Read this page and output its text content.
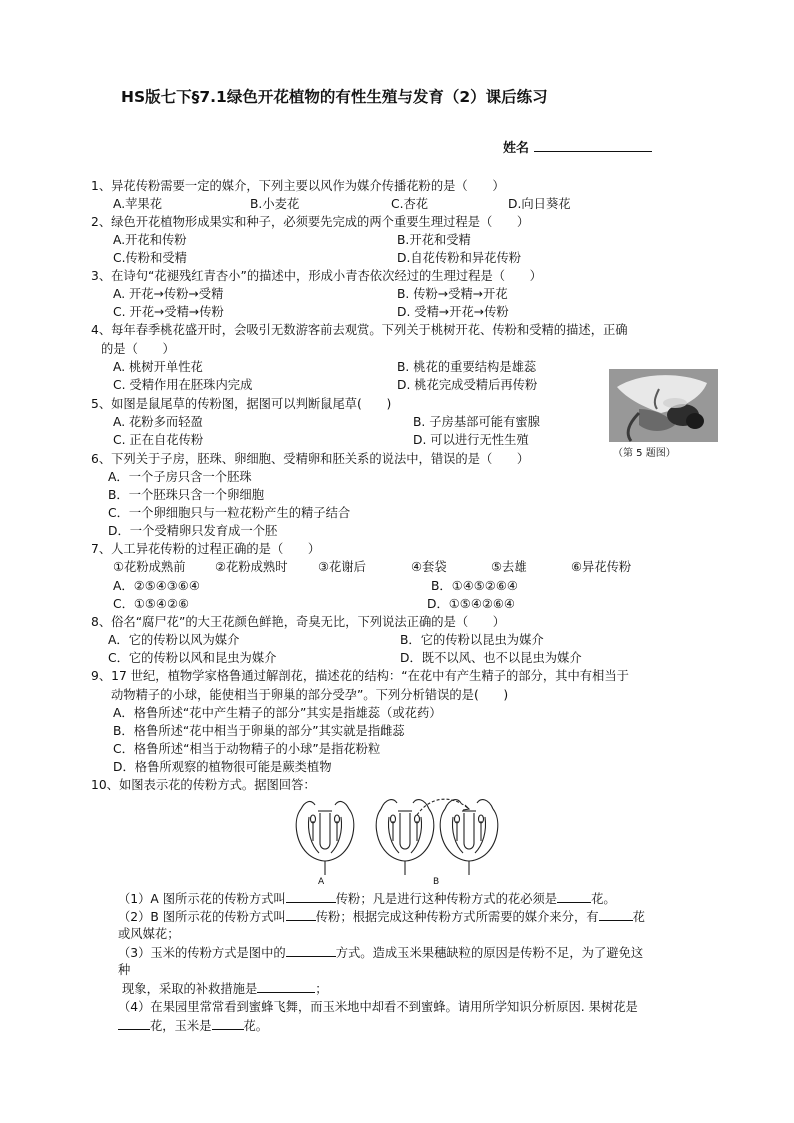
HS版七下§7.1绿色开花植物的有性生殖与发育（2）课后练习
姓名
1、异花传粉需要一定的媒介，下列主要以风作为媒介传播花粉的是（　　）
A.苹果花	B.小麦花	C.杏花	D.向日葵花
2、绿色开花植物形成果实和种子，必须要先完成的两个重要生理过程是（　　）
A.开花和传粉	B.开花和受精
C.传粉和受精	D.自花传粉和异花传粉
3、在诗句“花褪残红青杏小”的描述中，形成小青杏依次经过的生理过程是（　　）
A. 开花→传粉→受精	B. 传粉→受精→开花
C. 开花→受精→传粉	D. 受精→开花→传粉
4、每年春季桃花盛开时，会吸引无数游客前去观赏。下列关于桃树开花、传粉和受精的描述，正确
的是（　　）
A. 桃树开单性花	B. 桃花的重要结构是雄蕊
C. 受精作用在胚珠内完成	D. 桃花完成受精后再传粉
（第 5 题图）
5、如图是鼠尾草的传粉图，据图可以判断鼠尾草(　　)
A. 花粉多而轻盈	B. 子房基部可能有蜜腺
C. 正在自花传粉	D. 可以进行无性生殖
6、下列关于子房，胚珠、卵细胞、受精卵和胚关系的说法中，错误的是（　　）
A．一个子房只含一个胚珠
B．一个胚珠只含一个卵细胞
C．一个卵细胞只与一粒花粉产生的精子结合
D．一个受精卵只发育成一个胚
7、人工异花传粉的过程正确的是（　　）
①花粉成熟前 ②花粉成熟时 ③花谢后	④套袋	⑤去雄	⑥异花传粉
A．②⑤④③⑥④	B．①④⑤②⑥④
C．①⑤④②⑥	D．①⑤④②⑥④
8、俗名“腐尸花”的大王花颜色鲜艳，奇臭无比，下列说法正确的是（　　）
A．它的传粉以风为媒介	B．它的传粉以昆虫为媒介
C．它的传粉以风和昆虫为媒介	D．既不以风、也不以昆虫为媒介
9、17 世纪，植物学家格鲁通过解剖花，描述花的结构：“在花中有产生精子的部分，其中有相当于
动物精子的小球，能使相当于卵巢的部分受孕”。下列分析错误的是(　　)
A．格鲁所述“花中产生精子的部分”其实是指雄蕊（或花药）
B．格鲁所述“花中相当于卵巢的部分”其实就是指雌蕊
C．格鲁所述“相当于动物精子的小球”是指花粉粒
D．格鲁所观察的植物很可能是蕨类植物
10、如图表示花的传粉方式。据图回答：
A	B
（1）A 图所示花的传粉方式叫	传粉；凡是进行这种传粉方式的花必须是	花。
（2）B 图所示花的传粉方式叫 传粉；根据完成这种传粉方式所需要的媒介来分，有	花
或风媒花；
（3）玉米的传粉方式是图中的	方式。造成玉米果穗缺粒的原因是传粉不足，为了避免这
种
现象，采取的补救措施是	；
（4）在果园里常常看到蜜蜂飞舞，而玉米地中却看不到蜜蜂。请用所学知识分析原因. 果树花是
花，玉米是	花。
